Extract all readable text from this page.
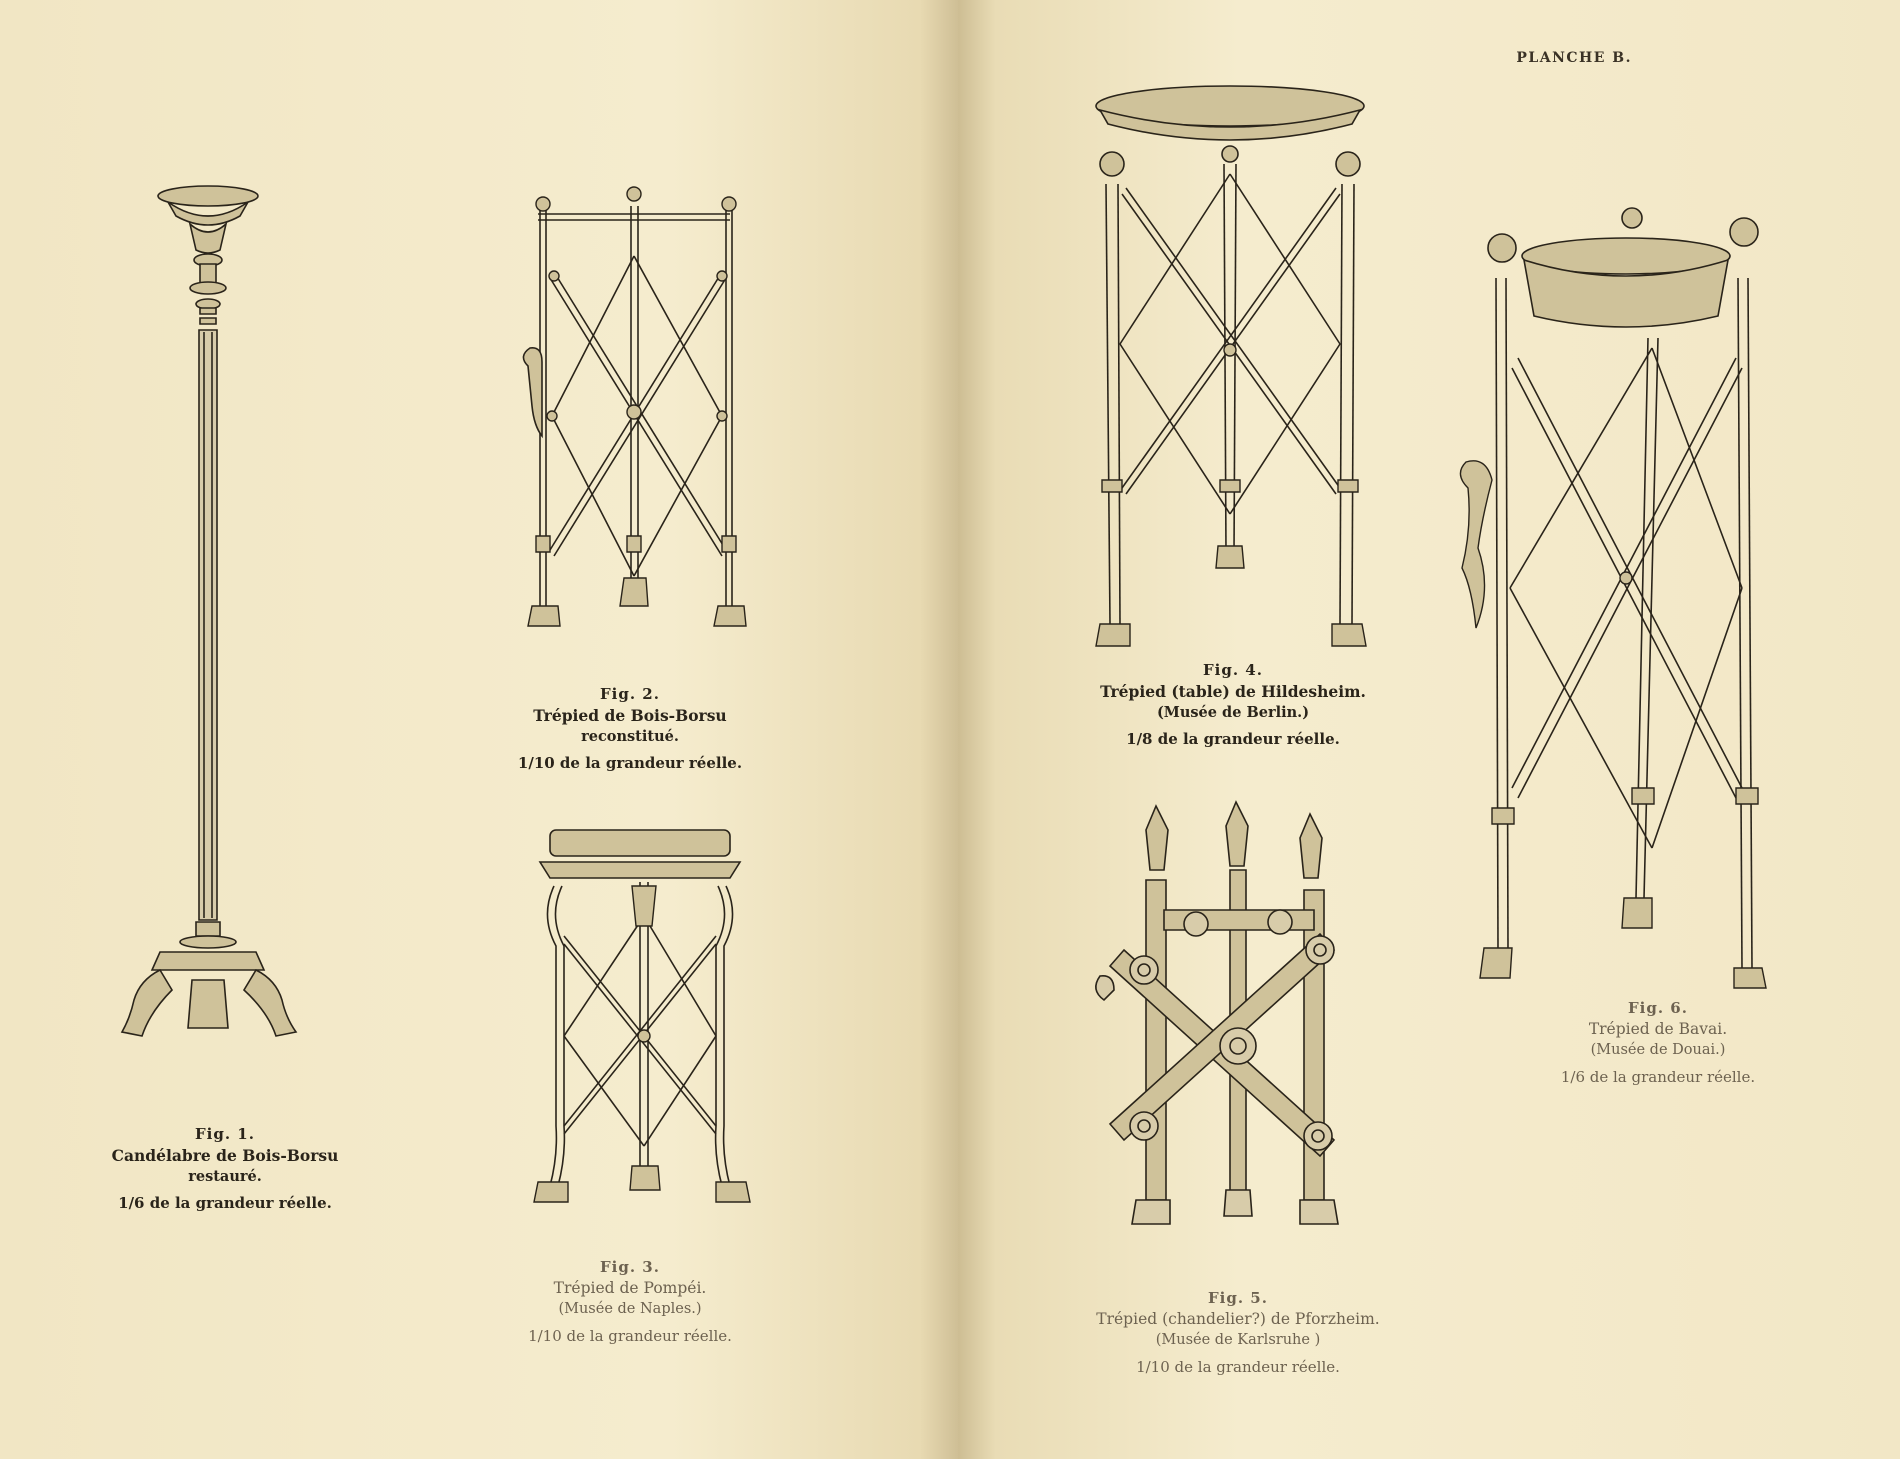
Fig. 1.
Candélabre de Bois-Borsu
restauré.
1/6 de la grandeur réelle.
Fig. 2.
Trépied de Bois-Borsu
reconstitué.
1/10 de la grandeur réelle.
Fig. 3.
Trépied de Pompéi.
(Musée de Naples.)
1/10 de la grandeur réelle.
PLANCHE B.
Fig. 4.
Trépied (table) de Hildesheim.
(Musée de Berlin.)
1/8 de la grandeur réelle.
Fig. 5.
Trépied (chandelier?) de Pforzheim.
(Musée de Karlsruhe )
1/10 de la grandeur réelle.
Fig. 6.
Trépied de Bavai.
(Musée de Douai.)
1/6 de la grandeur réelle.
